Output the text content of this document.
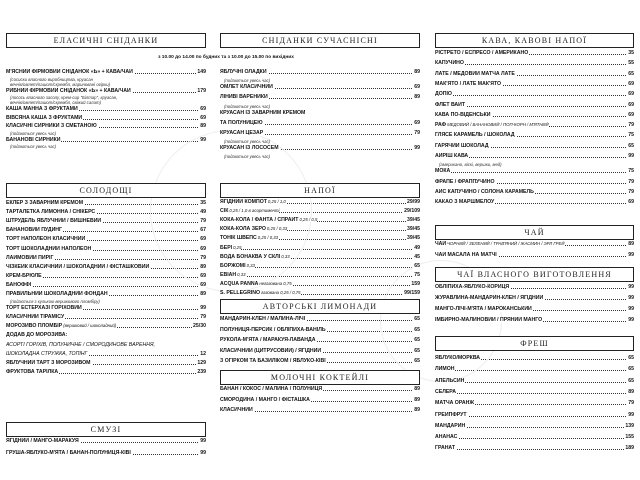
ЕЛАСИЧНІ СНІДАНКИ
з 10.00 до 14.00 по будних та з 10.00 до 15.00 по вихідних
М'ЯСНИЙ ФІРМОВИЙ СНІДАНОК «Ь» + КАВА/ЧАЙ	149
(сосиски власного виробництва, круасан
вечнік/омлет/пашот/скрембл, мариновані огірки)
РИБНИЙ ФІРМОВИЙ СНІДАНОК «Ь» + КАВА/ЧАЙ	179
(лосось власного засолу, крем-сир "Білтар", круасан,
вечнік/омлет/пашот/скрембл, свіжий салат)
КАША МАННА З ФРУКТАМИ	69
ВІВСЯНА КАША З ФРУКТАМИ	69
КЛАСИЧНІ СИРНИКИ З СМЕТАНОЮ	89
(подаються увесь час)
БАНАНОВІ СИРНИКИ	99
(подаються увесь час)
СОЛОДОЩІ
ЕКЛЕР З ЗАВАРНИМ КРЕМОМ	35
ТАРТАЛЕТКА ЛИМОННА / СНІКЕРС	49
ШТРУДЕЛЬ ЯБЛУЧНИЙ / ВИШНЕВИЙ	79
БАНАНОВИЙ ПУДИНГ	67
ТОРТ НАПОЛЕОН КЛАСИЧНИЙ	69
ТОРТ ШОКОЛАДНИЙ НАПОЛЕОН	69
ЛАЙМОВИЙ ПИРІГ	79
ЧІЗКЕЙК КЛАСИЧНИЙ / ШОКОЛАДНИЙ / ФІСТАШКОВИЙ	89
КРЕМ-БРЮЛЕ	69
БАНОФФІ	69
ПРАВИЛЬНИЙ ШОКОЛАДНИЙ ФОНДАН	89
(подається з кулькою вершкового пломбіру)
ТОРТ ЕСТЕРХАЗІ ГОРІХОВИЙ	99
КЛАСИЧНИЙ ТІРАМІСУ	79
МОРОЗИВО ПЛОМБІР(вершковий / шоколадний)	25/30
ДОДАВ ДО МОРОЗИВА:
АСОРТІ ГОРІХІВ, ПОЛУНИЧНЕ / СМОРОДИНОВЕ ВАРЕННЯ,
ШОКОЛАДНА СТРУЖКА, ТОПІНГ	12
ЯБЛУЧНИЙ ТАРТ З МОРОЗИВОМ	129
ФРУКТОВА ТАРІЛКА	239
СМУЗІ
ЯГІДНИЙ / МАНГО-МАРАКУЯ	99
ГРУША-ЯБЛУКО-М'ЯТА / БАНАН-ПОЛУНИЦЯ-КІВІ	99
СНІДАНКИ СУЧАСНІСНІ
ЯБЛУЧНІ ОЛАДКИ	89
(подаються увесь час)
ОМЛЕТ КЛАСИЧНИЙ	69
ЛІНИВІ ВАРЕНИКИ	89
(подаються увесь час)
КРУАСАН ІЗ ЗАВАРНИМ КРЕМОМ
ТА ПОЛУНИЦЕЮ	69
КРУАСАН ЦЕЗАР	79
(подаються увесь час)
КРУАСАН ІЗ ЛОСОСЕМ	99
(подаються увесь час)
НАПОЇ
ЯГІДНИЙ КОМПОТ0,25 / 1,0	29/99
СІК0,25 / 1,0 в асортименті	29/109
КОКА-КОЛА / ФАНТА / СПРАЙТ0,25 / 0,5	39/45
КОКА-КОЛА ЗЕРО0,25 / 0,33	39/45
ТОНІК ШВЕПС0,25 / 0,33	39/45
БЕРІ0,25	49
ВОДА БОНАКВА У СКЛІ0,33	45
БОРЖОМІ0,33	65
ЕВІАН0,33	75
ACQUA PANNAнегазована 0,75	159
S. PELLEGRINOгазована 0,25 / 0,75	99/159
АВТОРСЬКІ ЛИМОНАДИ
МАНДАРИН-КЛЕН / МАЛИНА-ЛІЧІ	65
ПОЛУНИЦЯ-ПЕРСИК / ОБЛІПИХА-ВАНІЛЬ	65
РУКОЛА-М'ЯТА / МАРАКУЯ-ЛАВАНДА	65
КЛАСИЧНИЙ (ЦИТРУСОВИЙ) / ЯГІДНИЙ	65
З ОГІРКОМ ТА БАЗИЛІКОМ / ЯБЛУКО-КІВІ	65
МОЛОЧНІ КОКТЕЙЛІ
БАНАН / КОКОС / МАЛИНА / ПОЛУНИЦЯ	89
СМОРОДИНА / МАНГО / ФІСТАШКА	89
КЛАСИЧНИЙ	89
КАВА, КАВОВІ НАПОЇ
РІСТРЕТО / ЕСПРЕСО / АМЕРИКАНО	35
КАПУЧИНО	55
ЛАТЕ / МЕДОВИЙ МАТЧА ЛАТЕ	65
МАК'ЯТО / ЛАТЕ МАК'ЯТО	69
ДОПІО	69
ФЛЕТ ВАЙТ	69
КАВА ПО-ВІДЕНСЬКИ	69
РАФМЕДОВИЙ / БАНАНОВИЙ / ПОП-КОРН / М'ЯТНИЙ	79
ГЛЯСЕ КАРАМЕЛЬ / ШОКОЛАД	75
ГАРЯЧИЙ ШОКОЛАД	65
АЙРІШ КАВА	99
(американо, віскі, вершки, мед)
МОКА	75
ФРАПЕ / ФРАППУЧИНО	79
АЙС КАПУЧИНО / СОЛОНА КАРАМЕЛЬ	79
КАКАО З МАРШМЕЛОУ	69
ЧАЙ
ЧАЙЧОРНИЙ / ЗЕЛЕНИЙ / ТРАВ'ЯНИЙ / ЖАСМИН / ЭРЛ ГРЕЙ	89
ЧАЙ МАСАЛА НА МАТЧІ	99
ЧАЇ ВЛАСНОГО ВИГОТОВЛЕННЯ
ОБЛІПИХА-ЯБЛУКО-КОРИЦЯ	99
ЖУРАВЛИНА-МАНДАРИН-КЛЕН / ЯГІДНИЙ	99
МАНГО-ЛІЧІ-М'ЯТА / МАРОКАНСЬКИЙ	99
ІМБИРНО-МАЛИНОВИЙ / ПРЯНИЙ МАНГО	99
ФРЕШ
ЯБЛУКО/МОРКВА	65
ЛИМОН	65
АПЕЛЬСИН	65
СЕЛЕРА	89
МАТЧА ОРАНЖ	79
ГРЕЙПФРУТ	99
МАНДАРИН	139
АНАНАС	155
ГРАНАТ	189
